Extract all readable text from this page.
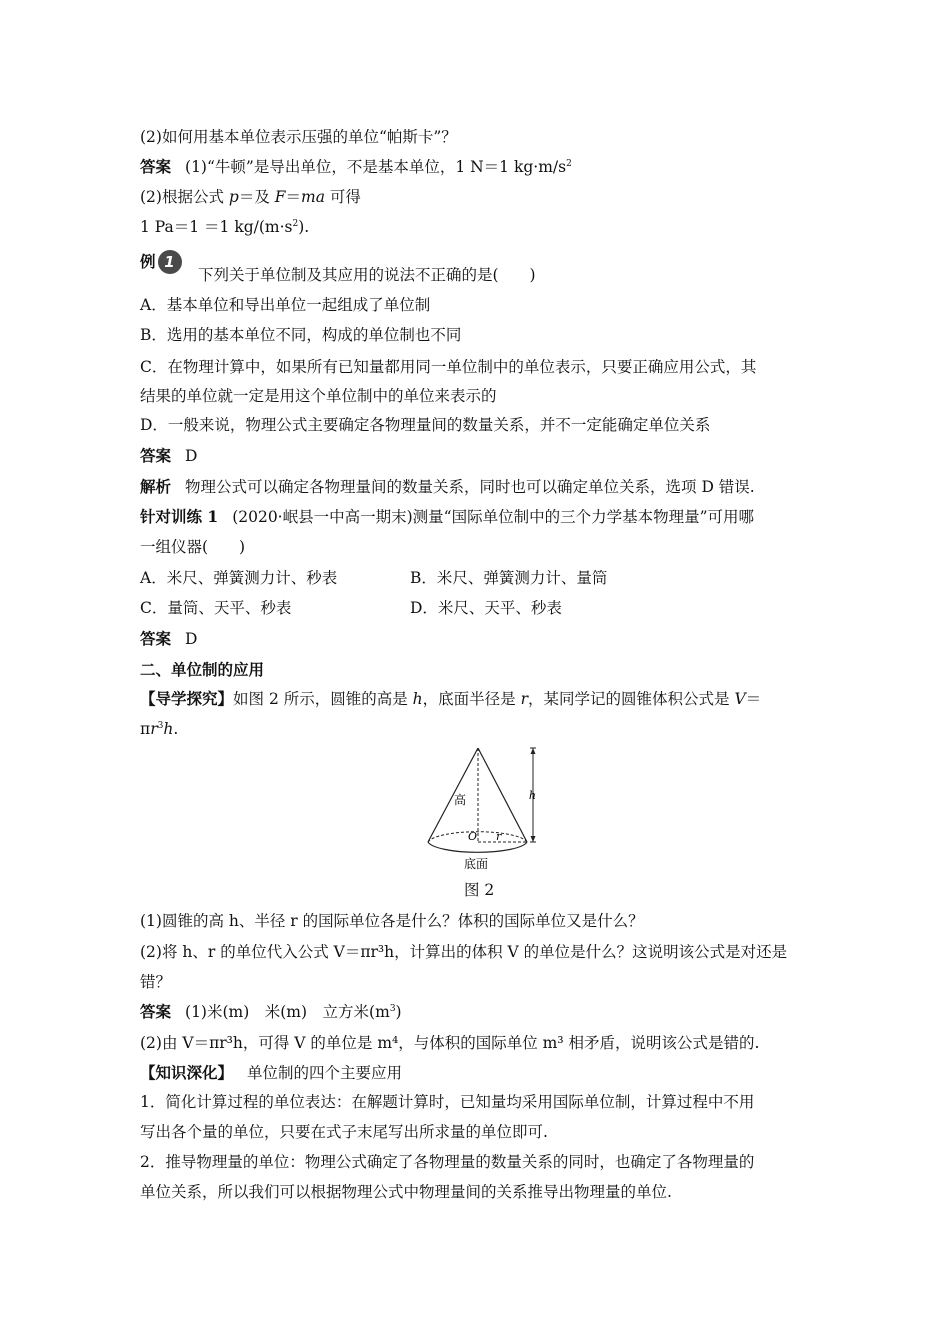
(2)如何用基本单位表示压强的单位“帕斯卡”？
答案 (1)“牛顿”是导出单位，不是基本单位，1 N＝1 $kg\cdot m/s^2$
(2)根据公式 p＝及 F＝ma 可得
1 Pa＝1 ＝1 $kg/(m\cdot s^2)$.
例 1
下列关于单位制及其应用的说法不正确的是(　　)
A．基本单位和导出单位一起组成了单位制
B．选用的基本单位不同，构成的单位制也不同
C．在物理计算中，如果所有已知量都用同一单位制中的单位表示，只要正确应用公式，其
结果的单位就一定是用这个单位制中的单位来表示的
D．一般来说，物理公式主要确定各物理量间的数量关系，并不一定能确定单位关系
答案 D
解析 物理公式可以确定各物理量间的数量关系，同时也可以确定单位关系，选项 D 错误.
针对训练 1 (2020·岷县一中高一期末)测量“国际单位制中的三个力学基本物理量”可用哪
一组仪器(　　)
A．米尺、弹簧测力计、秒表	B．米尺、弹簧测力计、量筒
C．量筒、天平、秒表	D．米尺、天平、秒表
答案 D
二、单位制的应用
【导学探究】如图 2 所示，圆锥的高是 h，底面半径是 r，某同学记的圆锥体积公式是 V＝
$\pi r^3h$.
高	h
O r
底面
图 2
(1)圆锥的高 h、半径 r 的国际单位各是什么？体积的国际单位又是什么？
(2)将 h、r 的单位代入公式 V＝πr³h，计算出的体积 V 的单位是什么？这说明该公式是对还是
错？
答案 (1)米(m)　米(m)　立方米$(m^3)$
(2)由 V＝πr³h，可得 V 的单位是 m⁴，与体积的国际单位 m³ 相矛盾，说明该公式是错的.
【知识深化】 单位制的四个主要应用
1．简化计算过程的单位表达：在解题计算时，已知量均采用国际单位制，计算过程中不用
写出各个量的单位，只要在式子末尾写出所求量的单位即可.
2．推导物理量的单位：物理公式确定了各物理量的数量关系的同时，也确定了各物理量的
单位关系，所以我们可以根据物理公式中物理量间的关系推导出物理量的单位.
